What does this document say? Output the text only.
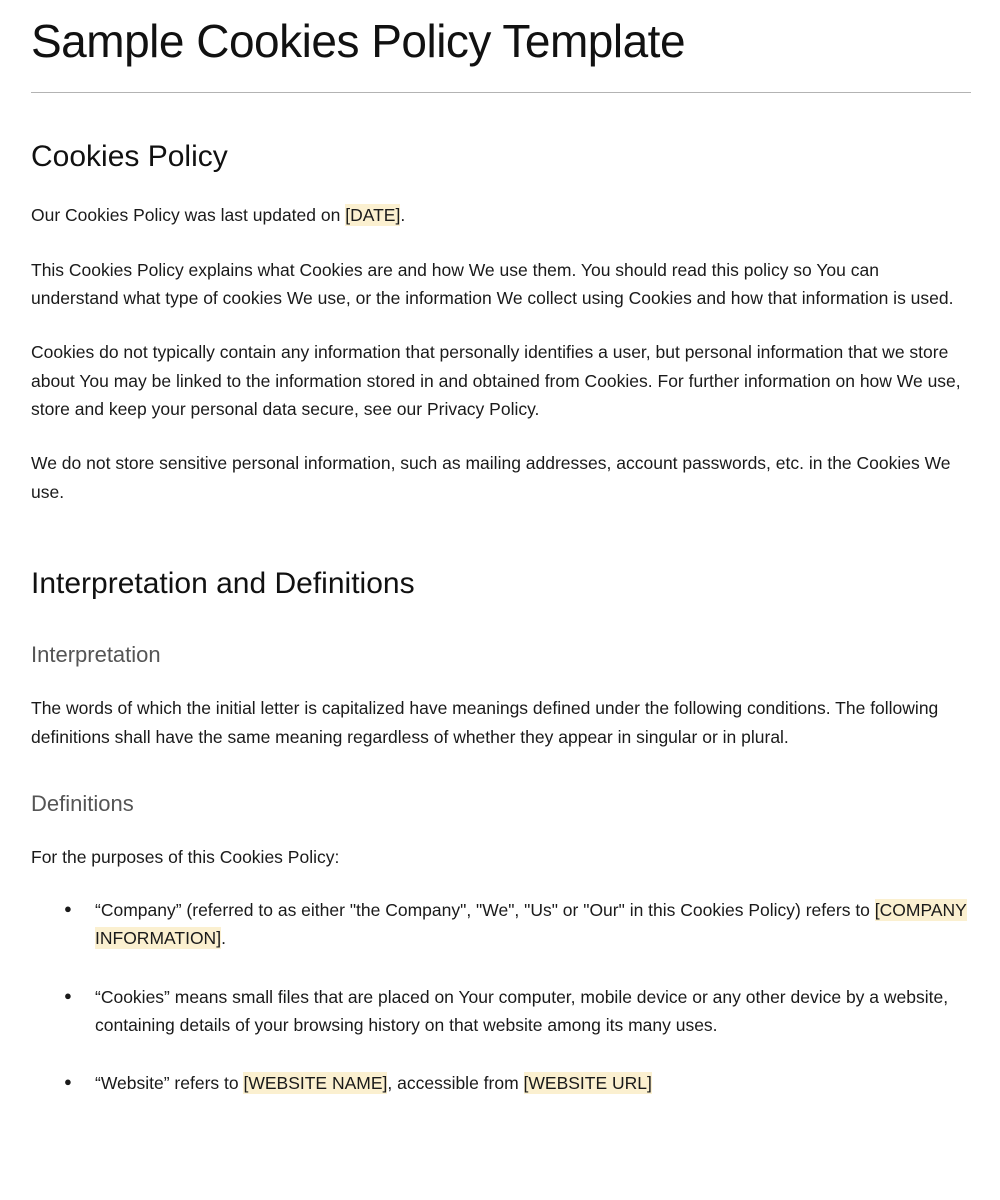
Sample Cookies Policy Template
Cookies Policy

Our Cookies Policy was last updated on [DATE].

This Cookies Policy explains what Cookies are and how We use them. You should read this policy so You can understand what type of cookies We use, or the information We collect using Cookies and how that information is used.

Cookies do not typically contain any information that personally identifies a user, but personal information that we store about You may be linked to the information stored in and obtained from Cookies. For further information on how We use, store and keep your personal data secure, see our Privacy Policy.

We do not store sensitive personal information, such as mailing addresses, account passwords, etc. in the Cookies We use.

Interpretation and Definitions
Interpretation

The words of which the initial letter is capitalized have meanings defined under the following conditions. The following definitions shall have the same meaning regardless of whether they appear in singular or in plural.

Definitions

For the purposes of this Cookies Policy:

● “Company” (referred to as either "the Company", "We", "Us" or "Our" in this Cookies Policy) refers to [COMPANY INFORMATION].
● “Cookies” means small files that are placed on Your computer, mobile device or any other device by a website, containing details of your browsing history on that website among its many uses.
● “Website” refers to [WEBSITE NAME], accessible from [WEBSITE URL]
